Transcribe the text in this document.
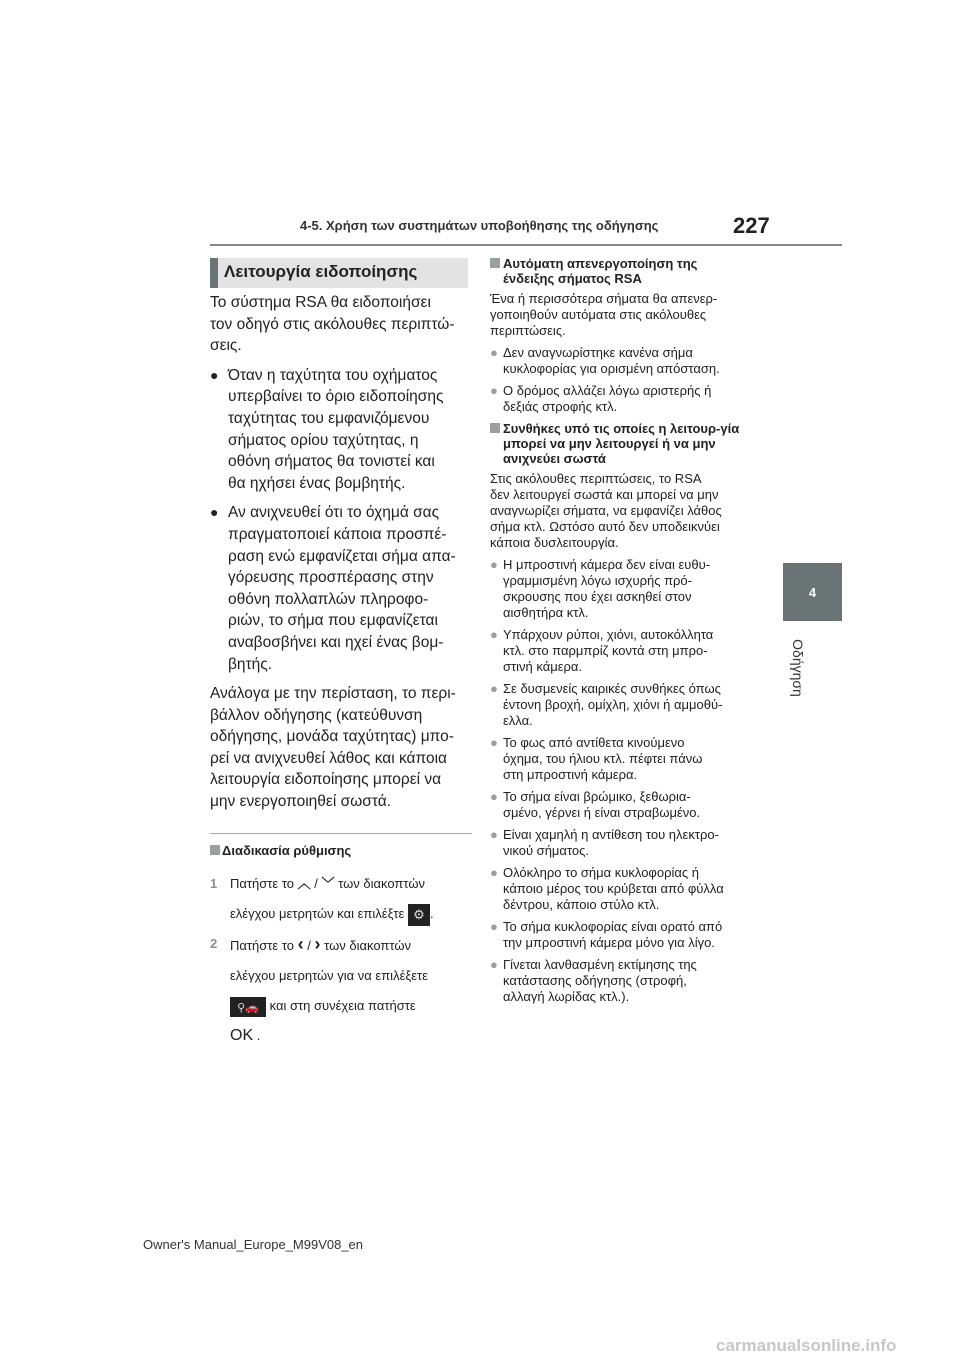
4-5. Χρήση των συστημάτων υποβοήθησης της οδήγησης	227
4
Οδήγηση
Λειτουργία ειδοποίησης

Το σύστημα RSA θα ειδοποιήσει
τον οδηγό στις ακόλουθες περιπτώ-
σεις.

● Όταν η ταχύτητα του οχήματος
υπερβαίνει το όριο ειδοποίησης
ταχύτητας του εμφανιζόμενου
σήματος ορίου ταχύτητας, η
οθόνη σήματος θα τονιστεί και
θα ηχήσει ένας βομβητής.
● Αν ανιχνευθεί ότι το όχημά σας
πραγματοποιεί κάποια προσπέ-
ραση ενώ εμφανίζεται σήμα απα-
γόρευσης προσπέρασης στην
οθόνη πολλαπλών πληροφο-
ριών, το σήμα που εμφανίζεται
αναβοσβήνει και ηχεί ένας βομ-
βητής.

Ανάλογα με την περίσταση, το περι-
βάλλον οδήγησης (κατεύθυνση
οδήγησης, μονάδα ταχύτητας) μπο-
ρεί να ανιχνευθεί λάθος και κάποια
λειτουργία ειδοποίησης μπορεί να
μην ενεργοποιηθεί σωστά.

Διαδικασία ρύθμισης
1 Πατήστε το ︿ / ﹀ των διακοπτών
ελέγχου μετρητών και επιλέξτε ⚙ .
2 Πατήστε το ‹ / › των διακοπτών
ελέγχου μετρητών για να επιλέξετε
⚲🚗 και στη συνέχεια πατήστε
OK .
Αυτόματη απενεργοποίηση της ένδειξης σήματος RSA

Ένα ή περισσότερα σήματα θα απενερ-
γοποιηθούν αυτόματα στις ακόλουθες
περιπτώσεις.

● Δεν αναγνωρίστηκε κανένα σήμα
κυκλοφορίας για ορισμένη απόσταση.
● Ο δρόμος αλλάζει λόγω αριστερής ή
δεξιάς στροφής κτλ.
Συνθήκες υπό τις οποίες η λειτουρ-γία μπορεί να μην λειτουργεί ή να μην ανιχνεύει σωστά

Στις ακόλουθες περιπτώσεις, το RSA
δεν λειτουργεί σωστά και μπορεί να μην
αναγνωρίζει σήματα, να εμφανίζει λάθος
σήμα κτλ. Ωστόσο αυτό δεν υποδεικνύει
κάποια δυσλειτουργία.

● Η μπροστινή κάμερα δεν είναι ευθυ-
γραμμισμένη λόγω ισχυρής πρό-
σκρουσης που έχει ασκηθεί στον
αισθητήρα κτλ.
● Υπάρχουν ρύποι, χιόνι, αυτοκόλλητα
κτλ. στο παρμπρίζ κοντά στη μπρο-
στινή κάμερα.
● Σε δυσμενείς καιρικές συνθήκες όπως
έντονη βροχή, ομίχλη, χιόνι ή αμμοθύ-
ελλα.
● Το φως από αντίθετα κινούμενο
όχημα, του ήλιου κτλ. πέφτει πάνω
στη μπροστινή κάμερα.
● Το σήμα είναι βρώμικο, ξεθωρια-
σμένο, γέρνει ή είναι στραβωμένο.
● Είναι χαμηλή η αντίθεση του ηλεκτρο-
νικού σήματος.
● Ολόκληρο το σήμα κυκλοφορίας ή
κάποιο μέρος του κρύβεται από φύλλα
δέντρου, κάποιο στύλο κτλ.
● Το σήμα κυκλοφορίας είναι ορατό από
την μπροστινή κάμερα μόνο για λίγο.
● Γίνεται λανθασμένη εκτίμησης της
κατάστασης οδήγησης (στροφή,
αλλαγή λωρίδας κτλ.).
Owner's Manual_Europe_M99V08_en
carmanualsonline.info
